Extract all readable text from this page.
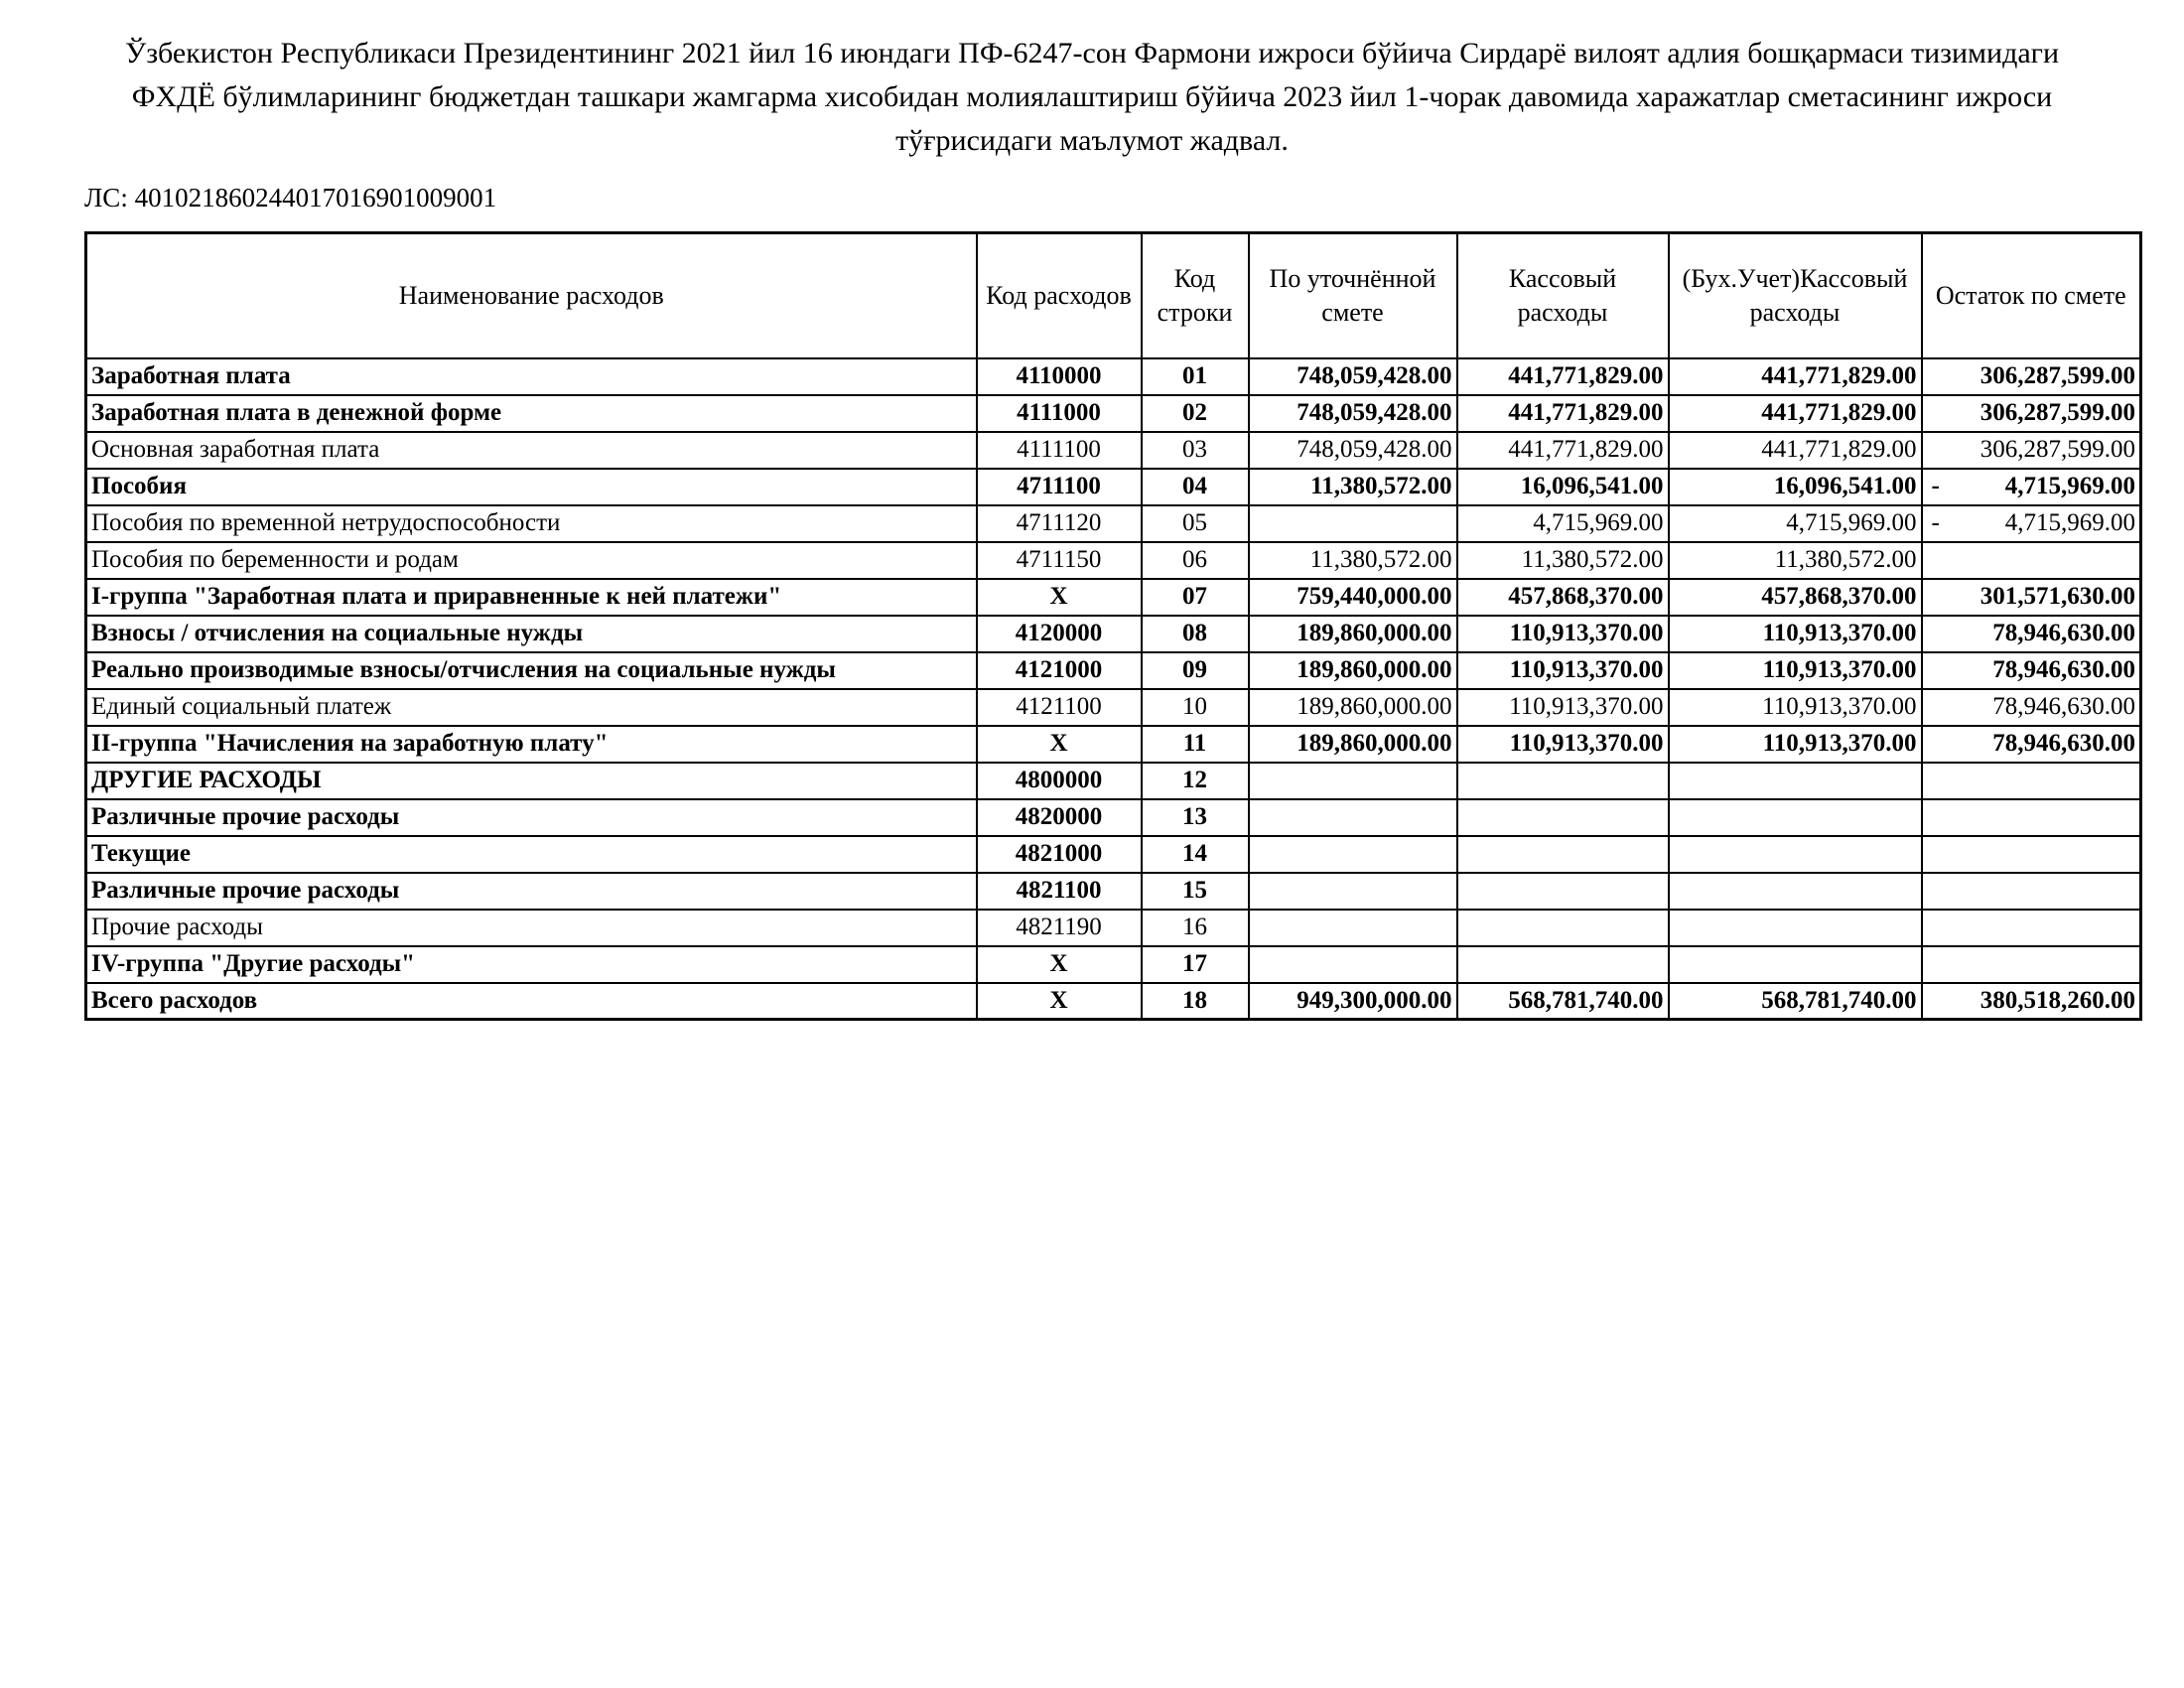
Ўзбекистон Республикаси Президентининг 2021 йил 16 июндаги ПФ-6247-сон Фармони ижроси бўйича Сирдарё вилоят адлия бошқармаси тизимидаги ФХДЁ бўлимларининг бюджетдан ташкари жамгарма хисобидан молиялаштириш бўйича 2023 йил 1-чорак давомида харажатлар сметасининг ижроси тўғрисидаги маълумот жадвал.
ЛС: 401021860244017016901009001
Наименование расходов	Код расходов	Код строки	По уточнённой смете	Кассовый расходы	(Бух.Учет)Кассовый расходы	Остаток по смете
Заработная плата	4110000	01	748,059,428.00	441,771,829.00	441,771,829.00	306,287,599.00
Заработная плата в денежной форме	4111000	02	748,059,428.00	441,771,829.00	441,771,829.00	306,287,599.00
Основная заработная плата	4111100	03	748,059,428.00	441,771,829.00	441,771,829.00	306,287,599.00
Пособия	4711100	04	11,380,572.00	16,096,541.00	16,096,541.00	- 4,715,969.00
Пособия по временной нетрудоспособности	4711120	05		4,715,969.00	4,715,969.00	- 4,715,969.00
Пособия по беременности и родам	4711150	06	11,380,572.00	11,380,572.00	11,380,572.00	
I-группа "Заработная плата и приравненные к ней платежи"	X	07	759,440,000.00	457,868,370.00	457,868,370.00	301,571,630.00
Взносы / отчисления на социальные нужды	4120000	08	189,860,000.00	110,913,370.00	110,913,370.00	78,946,630.00
Реально производимые взносы/отчисления на социальные нужды	4121000	09	189,860,000.00	110,913,370.00	110,913,370.00	78,946,630.00
Единый социальный платеж	4121100	10	189,860,000.00	110,913,370.00	110,913,370.00	78,946,630.00
II-группа "Начисления на заработную плату"	X	11	189,860,000.00	110,913,370.00	110,913,370.00	78,946,630.00
ДРУГИЕ РАСХОДЫ	4800000	12				
Различные прочие расходы	4820000	13				
Текущие	4821000	14				
Различные прочие расходы	4821100	15				
Прочие расходы	4821190	16				
IV-группа "Другие расходы"	X	17				
Всего расходов	X	18	949,300,000.00	568,781,740.00	568,781,740.00	380,518,260.00
